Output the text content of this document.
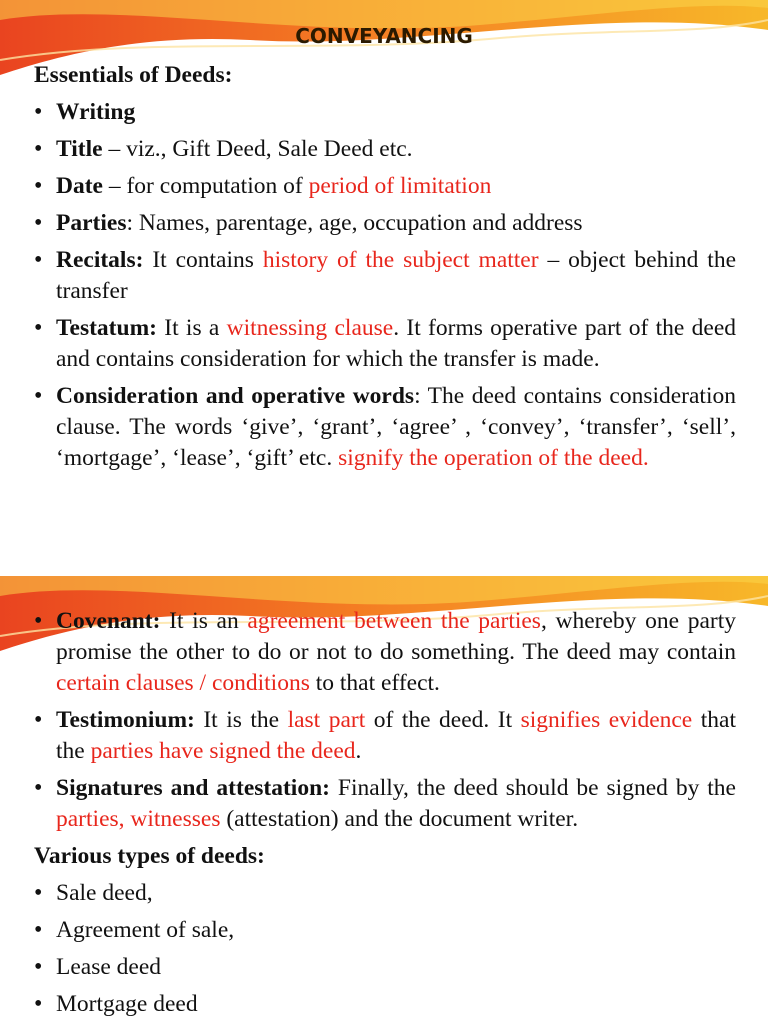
CONVEYANCING
Essentials of Deeds:
• Writing
• Title – viz., Gift Deed, Sale Deed etc.
• Date – for computation of period of limitation
• Parties: Names, parentage, age, occupation and address
• Recitals: It contains history of the subject matter – object behind the transfer
• Testatum: It is a witnessing clause. It forms operative part of the deed and contains consideration for which the transfer is made.
• Consideration and operative words: The deed contains consideration clause. The words ‘give’, ‘grant’, ‘agree’ , ‘convey’, ‘transfer’, ‘sell’, ‘mortgage’, ‘lease’, ‘gift’ etc. signify the operation of the deed.
• Covenant: It is an agreement between the parties, whereby one party promise the other to do or not to do something. The deed may contain certain clauses / conditions to that effect.
• Testimonium: It is the last part of the deed. It signifies evidence that the parties have signed the deed.
• Signatures and attestation: Finally, the deed should be signed by the parties, witnesses (attestation) and the document writer.
Various types of deeds:
• Sale deed,
• Agreement of sale,
• Lease deed
• Mortgage deed
